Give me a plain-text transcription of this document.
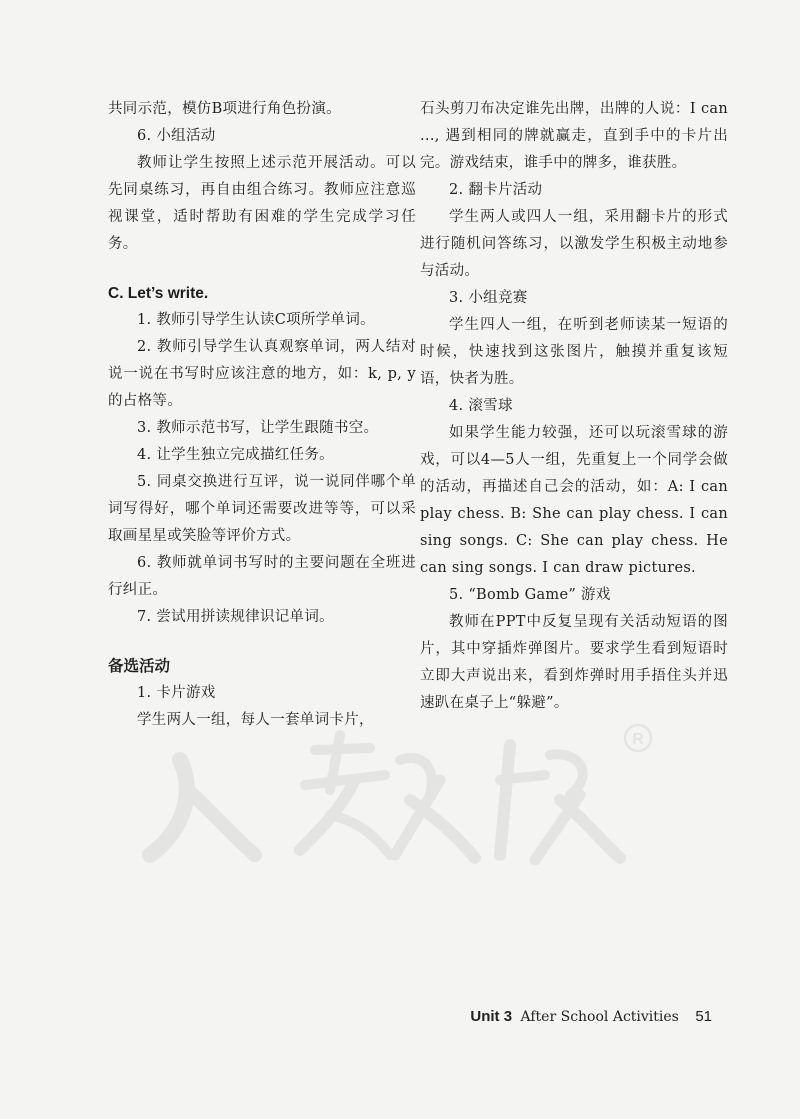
共同示范，模仿B项进行角色扮演。

6. 小组活动

教师让学生按照上述示范开展活动。可以先同桌练习，再自由组合练习。教师应注意巡视课堂，适时帮助有困难的学生完成学习任务。

C. Let’s write.

1. 教师引导学生认读C项所学单词。

2. 教师引导学生认真观察单词，两人结对说一说在书写时应该注意的地方，如：k, p, y 的占格等。

3. 教师示范书写，让学生跟随书空。

4. 让学生独立完成描红任务。

5. 同桌交换进行互评，说一说同伴哪个单词写得好，哪个单词还需要改进等等，可以采取画星星或笑脸等评价方式。

6. 教师就单词书写时的主要问题在全班进行纠正。

7. 尝试用拼读规律识记单词。

备选活动

1. 卡片游戏

学生两人一组，每人一套单词卡片，

石头剪刀布决定谁先出牌，出牌的人说：I can ..., 遇到相同的牌就赢走，直到手中的卡片出完。游戏结束，谁手中的牌多，谁获胜。

2. 翻卡片活动

学生两人或四人一组，采用翻卡片的形式进行随机问答练习，以激发学生积极主动地参与活动。

3. 小组竞赛

学生四人一组，在听到老师读某一短语的时候，快速找到这张图片，触摸并重复该短语，快者为胜。

4. 滚雪球

如果学生能力较强，还可以玩滚雪球的游戏，可以4—5人一组，先重复上一个同学会做的活动，再描述自己会的活动，如：A: I can play chess. B: She can play chess. I can sing songs. C: She can play chess. He can sing songs. I can draw pictures.

5. “Bomb Game” 游戏

教师在PPT中反复呈现有关活动短语的图片，其中穿插炸弹图片。要求学生看到短语时立即大声说出来，看到炸弹时用手捂住头并迅速趴在桌子上“躲避”。

R
Unit 3 After School Activities 51
